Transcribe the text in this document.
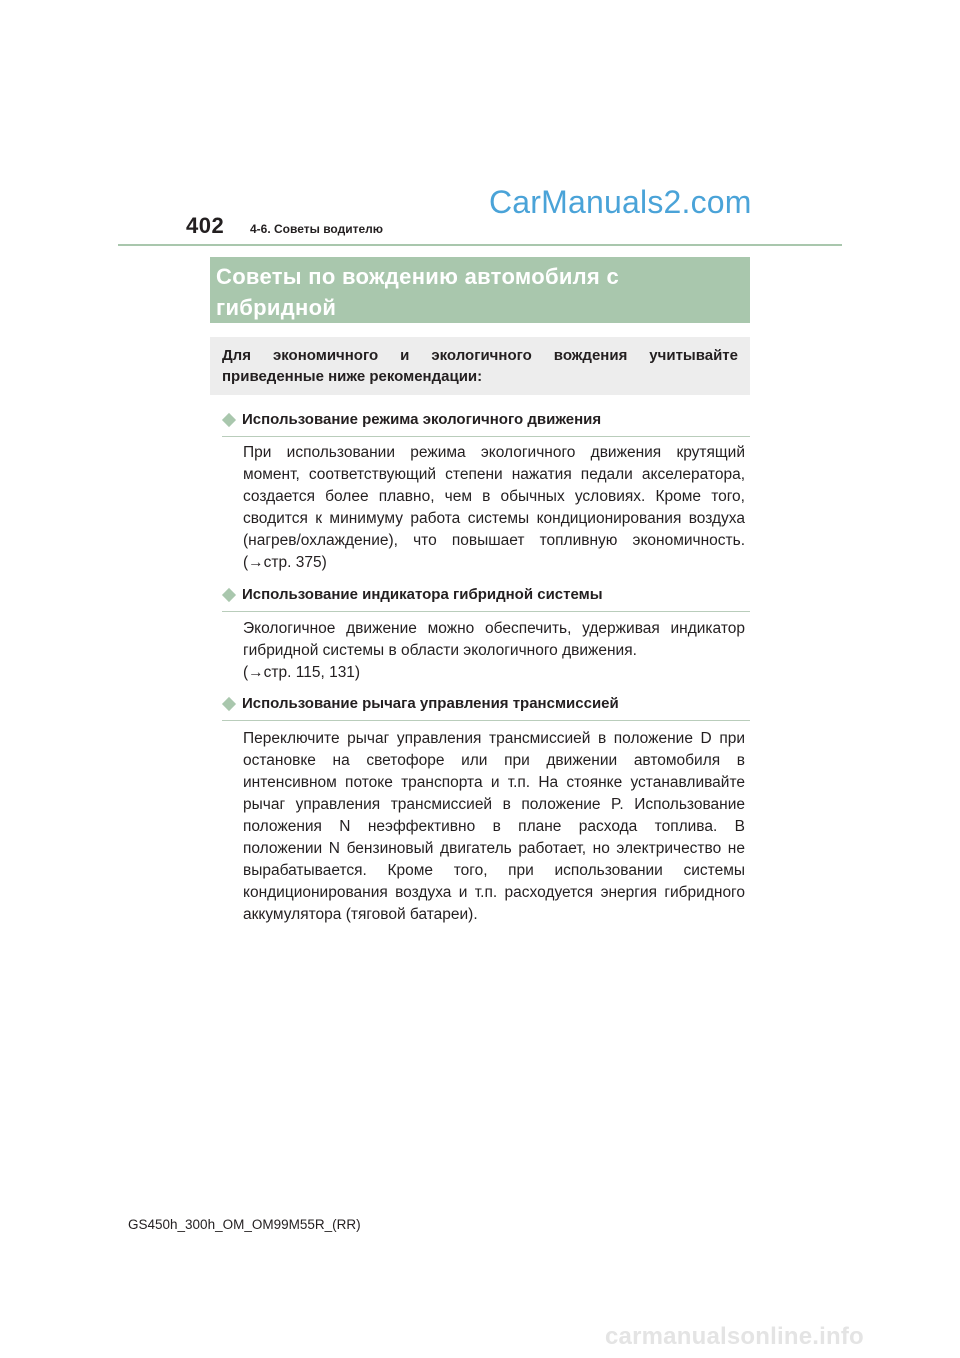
402 4-6. Советы водителю
CarManuals2.com
Советы по вождению автомобиля с гибридной

Для экономичного и экологичного вождения учитывайте
приведенные ниже рекомендации:

Использование режима экологичного движения
При использовании режима экологичного движения крутящий
момент, соответствующий степени нажатия педали акселератора,
создается более плавно, чем в обычных условиях. Кроме того,
сводится к минимуму работа системы кондиционирования воздуха
(нагрев/охлаждение), что повышает топливную экономичность.
(→стр. 375)
Использование индикатора гибридной системы
Экологичное движение можно обеспечить, удерживая индикатор
гибридной системы в области экологичного движения.
(→стр. 115, 131)
Использование рычага управления трансмиссией
Переключите рычаг управления трансмиссией в положение D при
остановке на светофоре или при движении автомобиля в
интенсивном потоке транспорта и т.п. На стоянке устанавливайте
рычаг управления трансмиссией в положение P. Использование
положения N неэффективно в плане расхода топлива. В
положении N бензиновый двигатель работает, но электричество не
вырабатывается. Кроме того, при использовании системы
кондиционирования воздуха и т.п. расходуется энергия гибридного
аккумулятора (тяговой батареи).
GS450h_300h_OM_OM99M55R_(RR)
carmanualsonline.info
